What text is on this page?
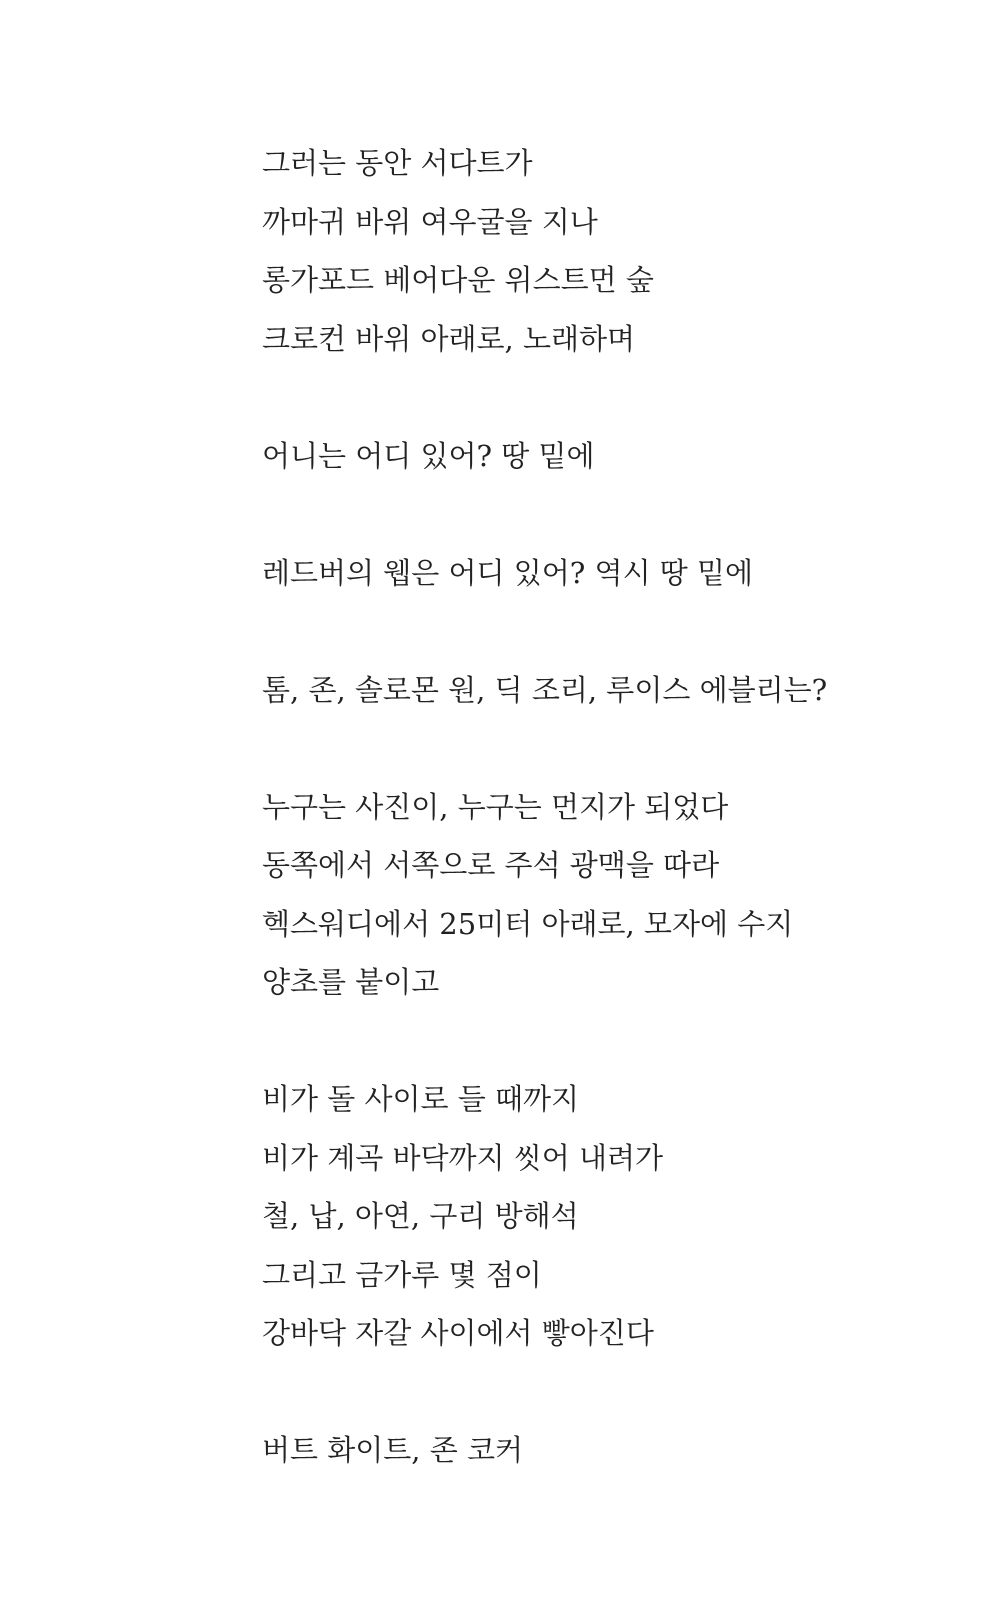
그러는 동안 서다트가
까마귀 바위 여우굴을 지나
롱가포드 베어다운 위스트먼 숲
크로컨 바위 아래로, 노래하며
어니는 어디 있어? 땅 밑에
레드버의 웹은 어디 있어? 역시 땅 밑에
톰, 존, 솔로몬 원, 딕 조리, 루이스 에블리는?
누구는 사진이, 누구는 먼지가 되었다
동쪽에서 서쪽으로 주석 광맥을 따라
헥스워디에서 25미터 아래로, 모자에 수지
양초를 붙이고
비가 돌 사이로 들 때까지
비가 계곡 바닥까지 씻어 내려가
철, 납, 아연, 구리 방해석
그리고 금가루 몇 점이
강바닥 자갈 사이에서 빻아진다
버트 화이트, 존 코커
